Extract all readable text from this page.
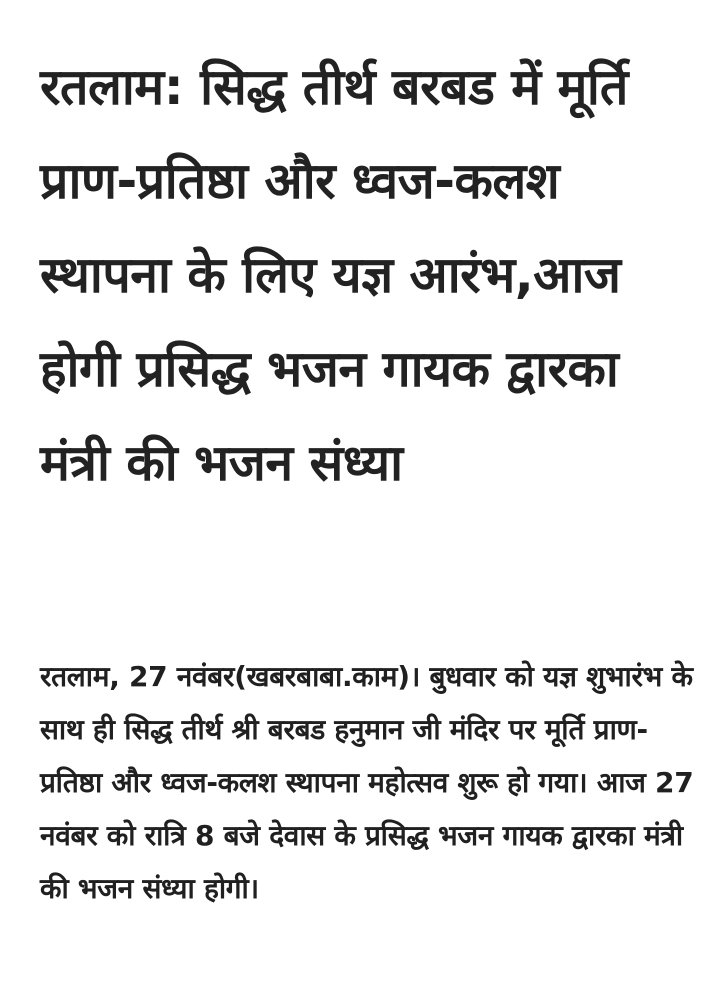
रतलाम: सिद्ध तीर्थ बरबड में मूर्ति प्राण-प्रतिष्ठा और ध्वज-कलश स्थापना के लिए यज्ञ आरंभ,आज होगी प्रसिद्ध भजन गायक द्वारका मंत्री की भजन संध्या

रतलाम, 27 नवंबर(खबरबाबा.काम)। बुधवार को यज्ञ शुभारंभ के साथ ही सिद्ध तीर्थ श्री बरबड हनुमान जी मंदिर पर मूर्ति प्राण-प्रतिष्ठा और ध्वज-कलश स्थापना महोत्सव शुरू हो गया। आज 27 नवंबर को रात्रि 8 बजे देवास के प्रसिद्ध भजन गायक द्वारका मंत्री की भजन संध्या होगी।
